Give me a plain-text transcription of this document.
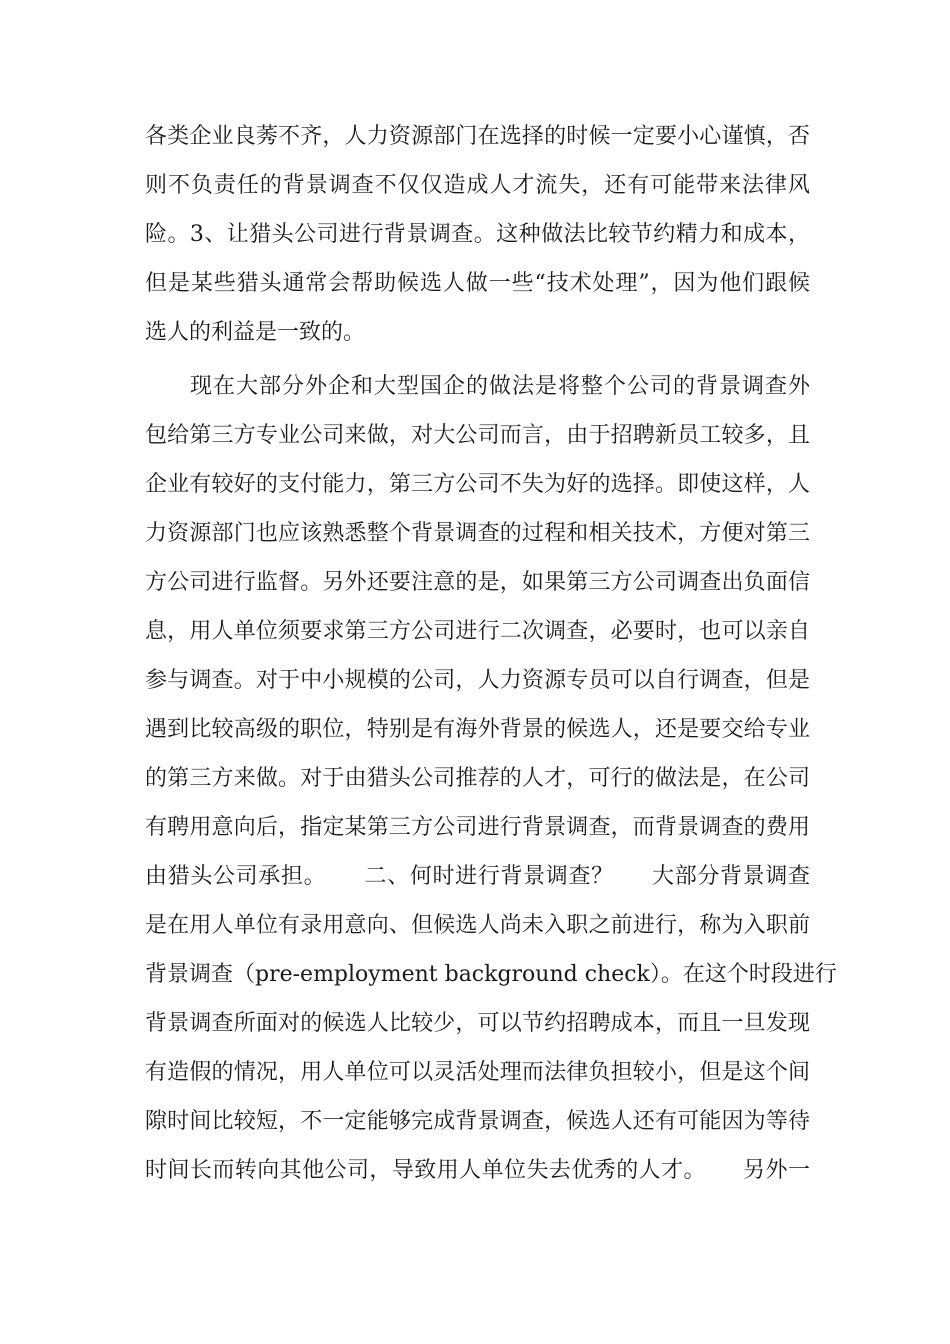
各类企业良莠不齐，人力资源部门在选择的时候一定要小心谨慎，否
则不负责任的背景调查不仅仅造成人才流失，还有可能带来法律风
险。3、让猎头公司进行背景调查。这种做法比较节约精力和成本，
但是某些猎头通常会帮助候选人做一些“技术处理”，因为他们跟候
选人的利益是一致的。
现在大部分外企和大型国企的做法是将整个公司的背景调查外
包给第三方专业公司来做，对大公司而言，由于招聘新员工较多，且
企业有较好的支付能力，第三方公司不失为好的选择。即使这样，人
力资源部门也应该熟悉整个背景调查的过程和相关技术，方便对第三
方公司进行监督。另外还要注意的是，如果第三方公司调查出负面信
息，用人单位须要求第三方公司进行二次调查，必要时，也可以亲自
参与调查。对于中小规模的公司，人力资源专员可以自行调查，但是
遇到比较高级的职位，特别是有海外背景的候选人，还是要交给专业
的第三方来做。对于由猎头公司推荐的人才，可行的做法是，在公司
有聘用意向后，指定某第三方公司进行背景调查，而背景调查的费用
由猎头公司承担。     二、何时进行背景调查？     大部分背景调查
是在用人单位有录用意向、但候选人尚未入职之前进行，称为入职前
背景调查（pre-employment background check）。在这个时段进行
背景调查所面对的候选人比较少，可以节约招聘成本，而且一旦发现
有造假的情况，用人单位可以灵活处理而法律负担较小，但是这个间
隙时间比较短，不一定能够完成背景调查，候选人还有可能因为等待
时间长而转向其他公司，导致用人单位失去优秀的人才。     另外一
